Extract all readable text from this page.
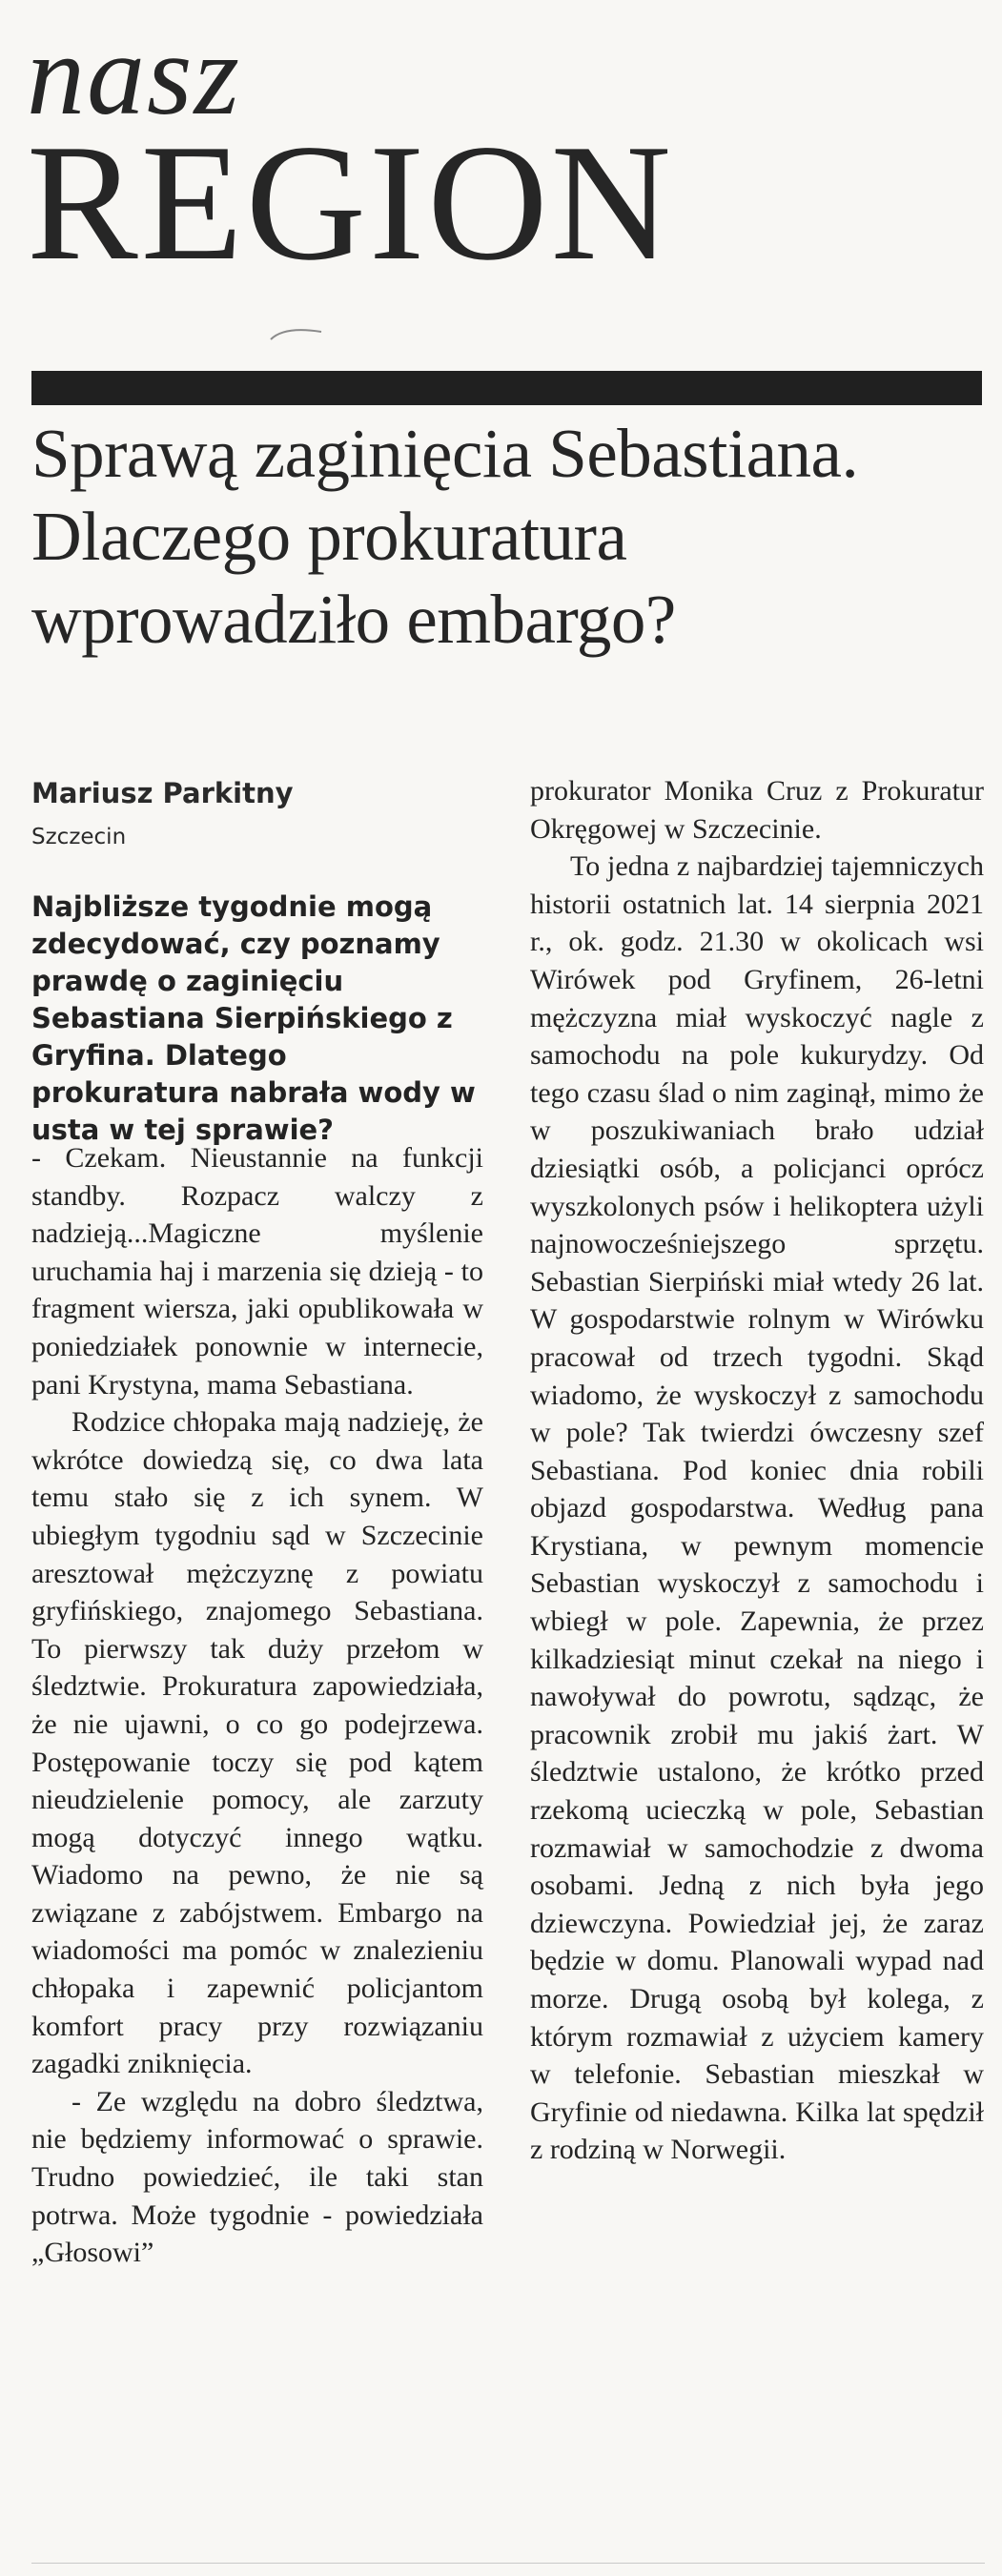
nasz
REGION
Sprawą zaginięcia Sebastiana.
Dlaczego prokuratura
wprowadziło embargo?
Mariusz Parkitny
Szczecin
Najbliższe tygodnie mogą zdecydować, czy poznamy prawdę o zaginięciu Sebastiana Sierpińskiego z Gryfina. Dlatego prokuratura nabrała wody w usta w tej sprawie?

- Czekam. Nieustannie na funkcji standby. Rozpacz walczy z nadzieją...Magiczne myślenie uruchamia haj i marzenia się dzieją - to fragment wiersza, jaki opublikowała w poniedziałek ponownie w internecie, pani Krystyna, mama Sebastiana.

Rodzice chłopaka mają nadzieję, że wkrótce dowiedzą się, co dwa lata temu stało się z ich synem. W ubiegłym tygodniu sąd w Szczecinie aresztował mężczyznę z powiatu gryfińskiego, znajomego Sebastiana. To pierwszy tak duży przełom w śledztwie. Prokuratura zapowiedziała, że nie ujawni, o co go podejrzewa. Postępowanie toczy się pod kątem nieudzielenie pomocy, ale zarzuty mogą dotyczyć innego wątku. Wiadomo na pewno, że nie są związane z zabójstwem. Embargo na wiadomości ma pomóc w znalezieniu chłopaka i zapewnić policjantom komfort pracy przy rozwiązaniu zagadki zniknięcia.

- Ze względu na dobro śledztwa, nie będziemy informować o sprawie. Trudno powiedzieć, ile taki stan potrwa. Może tygodnie - powiedziała „Głosowi”

prokurator Monika Cruz z Prokuratur Okręgowej w Szczecinie.

To jedna z najbardziej tajemniczych historii ostatnich lat. 14 sierpnia 2021 r., ok. godz. 21.30 w okolicach wsi Wirówek pod Gryfinem, 26-letni mężczyzna miał wyskoczyć nagle z samochodu na pole kukurydzy. Od tego czasu ślad o nim zaginął, mimo że w poszukiwaniach brało udział dziesiątki osób, a policjanci oprócz wyszkolonych psów i helikoptera użyli najnowocześniejszego sprzętu. Sebastian Sierpiński miał wtedy 26 lat. W gospodarstwie rolnym w Wirówku pracował od trzech tygodni. Skąd wiadomo, że wyskoczył z samochodu w pole? Tak twierdzi ówczesny szef Sebastiana. Pod koniec dnia robili objazd gospodarstwa. Według pana Krystiana, w pewnym momencie Sebastian wyskoczył z samochodu i wbiegł w pole. Zapewnia, że przez kilkadziesiąt minut czekał na niego i nawoływał do powrotu, sądząc, że pracownik zrobił mu jakiś żart. W śledztwie ustalono, że krótko przed rzekomą ucieczką w pole, Sebastian rozmawiał w samochodzie z dwoma osobami. Jedną z nich była jego dziewczyna. Powiedział jej, że zaraz będzie w domu. Planowali wypad nad morze. Drugą osobą był kolega, z którym rozmawiał z użyciem kamery w telefonie. Sebastian mieszkał w Gryfinie od niedawna. Kilka lat spędził z rodziną w Norwegii.
